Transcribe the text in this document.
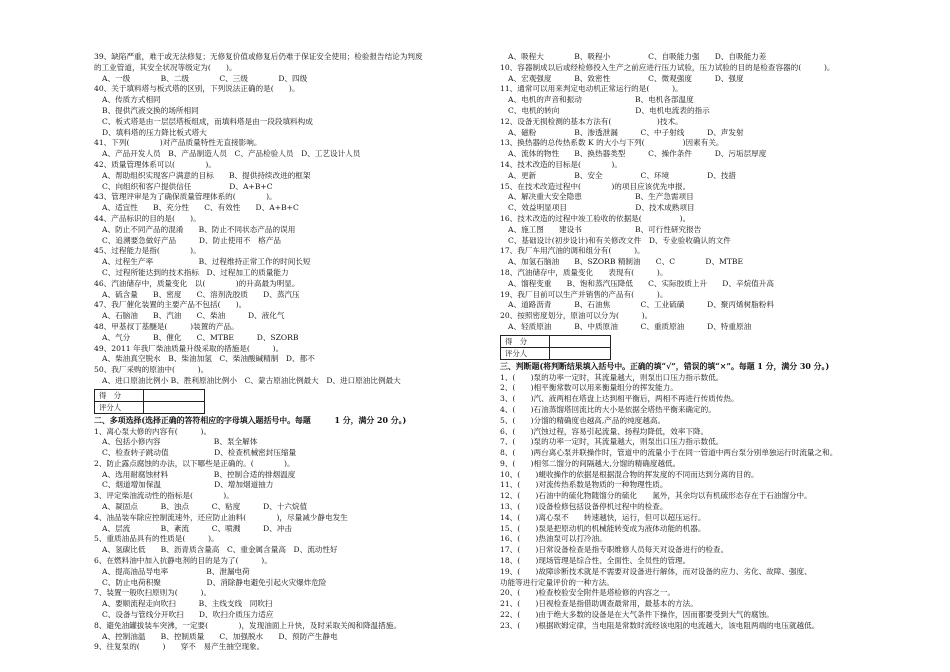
39、缺陷严重，难于或无法修复；无修复价值或修复后仍难于保证安全使用；检验报告结论为判废
的工业管道，其安全状况等级定为(　　)。
A、一级　　　　B、二级　　　　C、三级　　　　D、四级
40、关于填料塔与板式塔的区别，下列说法正确的是(　　)。
A、传质方式相同
B、提供汽液交换的场所相同
C、板式塔是由一层层塔板组成，而填料塔是由一段段填料构成
D、填料塔的压力降比板式塔大
41、下列(　　　　)对产品质量特性无直接影响。
A、产品开发人员　B、产品制造人员　C、产品检验人员　D、工艺设计人员
42、质量管理体系可以(　　　　)。
A、帮助组织实现客户满意的目标　　B、提供持续改进的框架
C、向组织和客户提供信任　　　　　D、A+B+C
43、管理评审是为了确保质量管理体系的(　　　　)。
A、适宜性　　B、充分性　　C、有效性　　D、A+B+C
44、产品标识的目的是(　　)。
A、防止不同产品的混淆　　B、防止不同状态产品的误用
C、追溯要急做好产品　　　D、防止使用不　格产品
45、过程能力是指(　　　　)。
A、过程生产率　　　　　　B、过程维持正常工作的时间长短
C、过程所能达到的技术指标　D、过程加工的质量能力
46、汽油储存中，质量变化　以(　　　　)的升高最为明显。
A、硫含量　　B、密度　　C、溶剂洗胶质　　D、蒸汽压
47、我厂催化装置的主要产品不包括(　　)。
A、石脑油　　B、汽油　　C、柴油　　　D、液化气
48、甲基叔丁基醚是(　　　)装置的产品。
A、气分　　　B、催化　　C、MTBE　　　D、SZORB
49、2011 年我厂柴油质量升级采取的措施是(　　　)。
A、柴油真空脱水　B、柴油加氢　C、柴油酸碱精制　D、都不
50、我厂采购的原油中(　　　)。
A、进口原油比例小 B、胜利原油比例小　C、蒙古原油比例最大　D、进口原油比例最大
得　分	
评分人	
二、多项选择(选择正确的答符相应的字母填入题括号中。每题　　　1 分，满分 20 分。)
1、离心泵大修的内容有(　　　)。
A、包括小修内容　　　　　　　B、泵全解体
C、检查转子跳动值　　　　　　D、检查机械密封压缩量
2、防止露点腐蚀的办法，以下哪些是正确的。(　　　　)。
A、选用耐腐蚀材料　　　　　　B、控制合适的排烟温度
C、烟道增加保温　　　　　　　D、增加烟道抽力
3、评定柴油流动性的指标是(　　　　)。
A、凝固点　　　B、浊点　　　C、粘度　　　D、十六烷值
4、油品装车除应控制流速外，还应防止油料(　　　　)，尽量减少静电发生
A、层流　　　　B、紊流　　　C、喷溅　　　D、冲击
5、重质油品具有的性质是(　　　)。
A、氢碳比低　　B、沥青质含量高　C、重金属含量高　D、流动性好
6、在燃料油中加入抗静电剂的目的是为了(　　　)。
A、提高油品导电率　　　　　B、泄漏电荷
C、防止电荷积聚　　　　　　D、消除静电避免引起火灾爆炸危险
7、装置一般吹扫原则为(　　　)。
A、要顺流程走向吹扫　　　B、主线支线　同吹扫
C、设备与管线分开吹扫　　D、吹扫介质压力适应
8、避免油罐拔装车突沸，一定要(　　　　)，发现油面上升快，及时采取关阀和降温措施。
A、控制油温　　B、控制质量　　C、加强脱水　　D、预防产生静电
9、往复泵的(　　　)　　穿不　易产生抽空现象。
A、吸程大　　　　B、吸程小　　　　　C、自吸能力强　　D、自吸能力差
10、容器制成以后或经检修投入生产之前应进行压力试验，压力试验的目的是检查容器的(　　　)。
A、宏观强度　　　B、致密性　　　　　C、微观强度　　　D、强度
11、通常可以用来判定电动机正常运行的是(　　　)。
A、电机的声音和振动　　　　　　　B、电机各部温度
C、电机的转向　　　　　　　　　　D、电机电流表的指示
12、设备无损检测的基本方法有(　　　　　　)技术。
A、磁粉　　　　　B、渗透泄漏　　　C、中子射线　　　D、声发射
13、换热器的总传热系数 K 的大小与下列(　　　　　)因素有关。
A、流体的物性　　B、换热器类型　　　C、操作条件　　　D、污垢层厚度
14、技术改造的目标是(　　　　)。
A、更新　　　　　B、安全　　　　　C、环境　　　　　D、技措
15、在技术改造过程中(　　　　)的项目应该优先申报。
A、解决重大安全隐患　　　　　　　B、生产急需项目
C、效益明显项目　　　　　　　　　D、技术成熟项目
16、技术改造的过程中竣工验收的依据是(　　　　　)。
A、施工图　　建设书　　　　　　　B、可行性研究报告
C、基础设计(初步设计)和有关修改文件　D、专业验收确认的文件
17、我厂车用汽油的调和组分有(　　　)。
A、加氢石脑油　　B、SZORB 精制油　　C、C　　　　D、MTBE
18、汽油储存中，质量变化　　表现有(　　　)。
A、馏程变重　　B、饱和蒸汽压降低　　C、实际胶质上升　　D、辛烷值升高
19、我厂目前可以生产并销售的产品有(　　　)。
A、道路沥青　　　B、石油焦　　　　C、工业硫磺　　　D、聚丙烯树脂粉料
20、按照密度划分，原油可以分为(　　　)。
A、轻质原油　　　B、中质原油　　　C、重质原油　　　D、特重原油
得　分	
评分人	
三、判断题(将判断结果填入括号中。正确的填“√”，错误的填“×”。每题 1 分，满分 30 分。)
1、(　　)泵的功率一定时，其流量越大，则泵出口压力指示数低。
2、(　　)相平衡常数可以用来衡量组分的挥发能力。
3、(　　)汽、液两相在塔盘上达到相平衡后，两相不再进行传质传热。
4、(　　)石油蒸馏塔回流比的大小是依据全塔热平衡来确定的。
5、(　　)分馏的精确度也越高,产品的纯度越高。
6、(　　)汽蚀过程，容易引起流量、扬程均降低，效率下降。
7、(　　)泵的功率一定时，其流量越大，则泵出口压力指示数低。
8、(　　)两台离心泵并联操作时，管道中的流量小于在同一管道中两台泵分别单独运行时流量之和。
9、(　　)相邻二馏分的间隔越大,分馏的精确度越低。
10、(　　)蜆收操作的依据是根据混合物的挥发度的不同而达到分离的目的。
11、(　　)对流传热系数是物质的一种物理性质。
12、(　　)石油中的硫化物随馏分的硫化　　氮外，其余均以有机硫形态存在于石油馏分中。
13、(　　)设备检修包括设备停机过程中的检查。
14、(　　)离心泵不　　转速越快，运行，但可以超压运行。
15、(　　)泵是把原动机的机械能转变成为液体动能的机器。
16、(　　)热油泵可以打冷油。
17、(　　)日常设备检查是指专职维修人员每天对设备进行的检查。
18、(　　)现场管理是综合性、全面性、全员性的管理。
19、(　　)故障诊断技术就是不需要对设备进行解体，而对设备的应力、劣化、故障、强度、
功能等进行定量评价的一种方法。
20、(　　)检查校验安全附件是塔检修的内容之一。
21、(　　)日视检查是指借助调查最常用，最基本的方法。
22、(　　)由于绝大多数的设备是在大气条件下操作，因而都要受到大气的腐蚀。
23、(　　)根据欧姆定律，当电阻是常数时流经该电阻的电流越大，该电阻两端的电压就越低。
